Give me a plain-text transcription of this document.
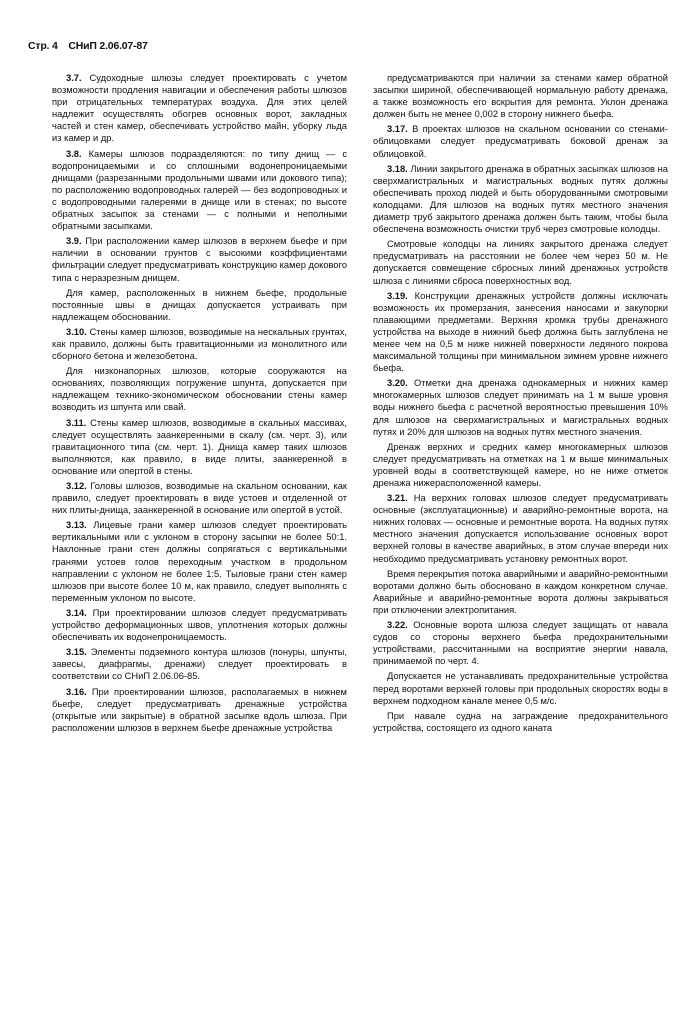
Стр. 4 СНиП 2.06.07-87

3.7. Судоходные шлюзы следует проектировать с учетом возможности продления навигации и обеспечения работы шлюзов при отрицательных температурах воздуха. Для этих целей надлежит осуществлять обогрев основных ворот, закладных частей и стен камер, обеспечивать устройство майн, уборку льда из камер и др.

3.8. Камеры шлюзов подразделяются: по типу днищ — с водопроницаемыми и со сплошными водонепроницаемыми днищами (разрезанными продольными швами или докового типа); по расположению водопроводных галерей — без водопроводных и с водопроводными галереями в днище или в стенах; по высоте обратных засыпок за стенами — с полными и неполными обратными засыпками.

3.9. При расположении камер шлюзов в верхнем бьефе и при наличии в основании грунтов с высокими коэффициентами фильтрации следует предусматривать конструкцию камер докового типа с неразрезным днищем.

Для камер, расположенных в нижнем бьефе, продольные постоянные швы в днищах допускается устраивать при надлежащем обосновании.

3.10. Стены камер шлюзов, возводимые на нескальных грунтах, как правило, должны быть гравитационными из монолитного или сборного бетона и железобетона.

Для низконапорных шлюзов, которые сооружаются на основаниях, позволяющих погружение шпунта, допускается при надлежащем технико-экономическом обосновании стены камер возводить из шпунта или свай.

3.11. Стены камер шлюзов, возводимые в скальных массивах, следует осуществлять заанкеренными в скалу (см. черт. 3), или гравитационного типа (см. черт. 1). Днища камер таких шлюзов выполняются, как правило, в виде плиты, заанкеренной в основание или опертой в стены.

3.12. Головы шлюзов, возводимые на скальном основании, как правило, следует проектировать в виде устоев и отделенной от них плиты-днища, заанкеренной в основание или опертой в устой.

3.13. Лицевые грани камер шлюзов следует проектировать вертикальными или с уклоном в сторону засыпки не более 50:1. Наклонные грани стен должны сопрягаться с вертикальными гранями устоев голов переходным участком в продольном направлении с уклоном не более 1:5. Тыловые грани стен камер шлюзов при высоте более 10 м, как правило, следует выполнять с переменным уклоном по высоте.

3.14. При проектировании шлюзов следует предусматривать устройство деформационных швов, уплотнения которых должны обеспечивать их водонепроницаемость.

3.15. Элементы подземного контура шлюзов (понуры, шпунты, завесы, диафрагмы, дренажи) следует проектировать в соответствии со СНиП 2.06.06-85.

3.16. При проектировании шлюзов, располагаемых в нижнем бьефе, следует предусматривать дренажные устройства (открытые или закрытые) в обратной засыпке вдоль шлюза. При расположении шлюзов в верхнем бьефе дренажные устройства

предусматриваются при наличии за стенами камер обратной засыпки шириной, обеспечивающей нормальную работу дренажа, а также возможность его вскрытия для ремонта. Уклон дренажа должен быть не менее 0,002 в сторону нижнего бьефа.

3.17. В проектах шлюзов на скальном основании со стенами-облицовками следует предусматривать боковой дренаж за облицовкой.

3.18. Линии закрытого дренажа в обратных засыпках шлюзов на сверхмагистральных и магистральных водных путях должны обеспечивать проход людей и быть оборудованными смотровыми колодцами. Для шлюзов на водных путях местного значения диаметр труб закрытого дренажа должен быть таким, чтобы была обеспечена возможность очистки труб через смотровые колодцы.

Смотровые колодцы на линиях закрытого дренажа следует предусматривать на расстоянии не более чем через 50 м. Не допускается совмещение сбросных линий дренажных устройств шлюза с линиями сброса поверхностных вод.

3.19. Конструкции дренажных устройств должны исключать возможность их промерзания, занесения наносами и закупорки плавающими предметами. Верхняя кромка трубы дренажного устройства на выходе в нижний бьеф должна быть заглублена не менее чем на 0,5 м ниже нижней поверхности ледяного покрова максимальной толщины при минимальном зимнем уровне нижнего бьефа.

3.20. Отметки дна дренажа однокамерных и нижних камер многокамерных шлюзов следует принимать на 1 м выше уровня воды нижнего бьефа с расчетной вероятностью превышения 10% для шлюзов на сверхмагистральных и магистральных водных путях и 20% для шлюзов на водных путях местного значения.

Дренаж верхних и средних камер многокамерных шлюзов следует предусматривать на отметках на 1 м выше минимальных уровней воды в соответствующей камере, но не ниже отметок дренажа нижерасположенной камеры.

3.21. На верхних головах шлюзов следует предусматривать основные (эксплуатационные) и аварийно-ремонтные ворота, на нижних головах — основные и ремонтные ворота. На водных путях местного значения допускается использование основных ворот верхней головы в качестве аварийных, в этом случае впереди них необходимо предусматривать установку ремонтных ворот.

Время перекрытия потока аварийными и аварийно-ремонтными воротами должно быть обосновано в каждом конкретном случае. Аварийные и аварийно-ремонтные ворота должны закрываться при отключении электропитания.

3.22. Основные ворота шлюза следует защищать от навала судов со стороны верхнего бьефа предохранительными устройствами, рассчитанными на восприятие энергии навала, принимаемой по черт. 4.

Допускается не устанавливать предохранительные устройства перед воротами верхней головы при продольных скоростях воды в верхнем подходном канале менее 0,5 м/с.

При навале судна на заграждение предохранительного устройства, состоящего из одного каната
